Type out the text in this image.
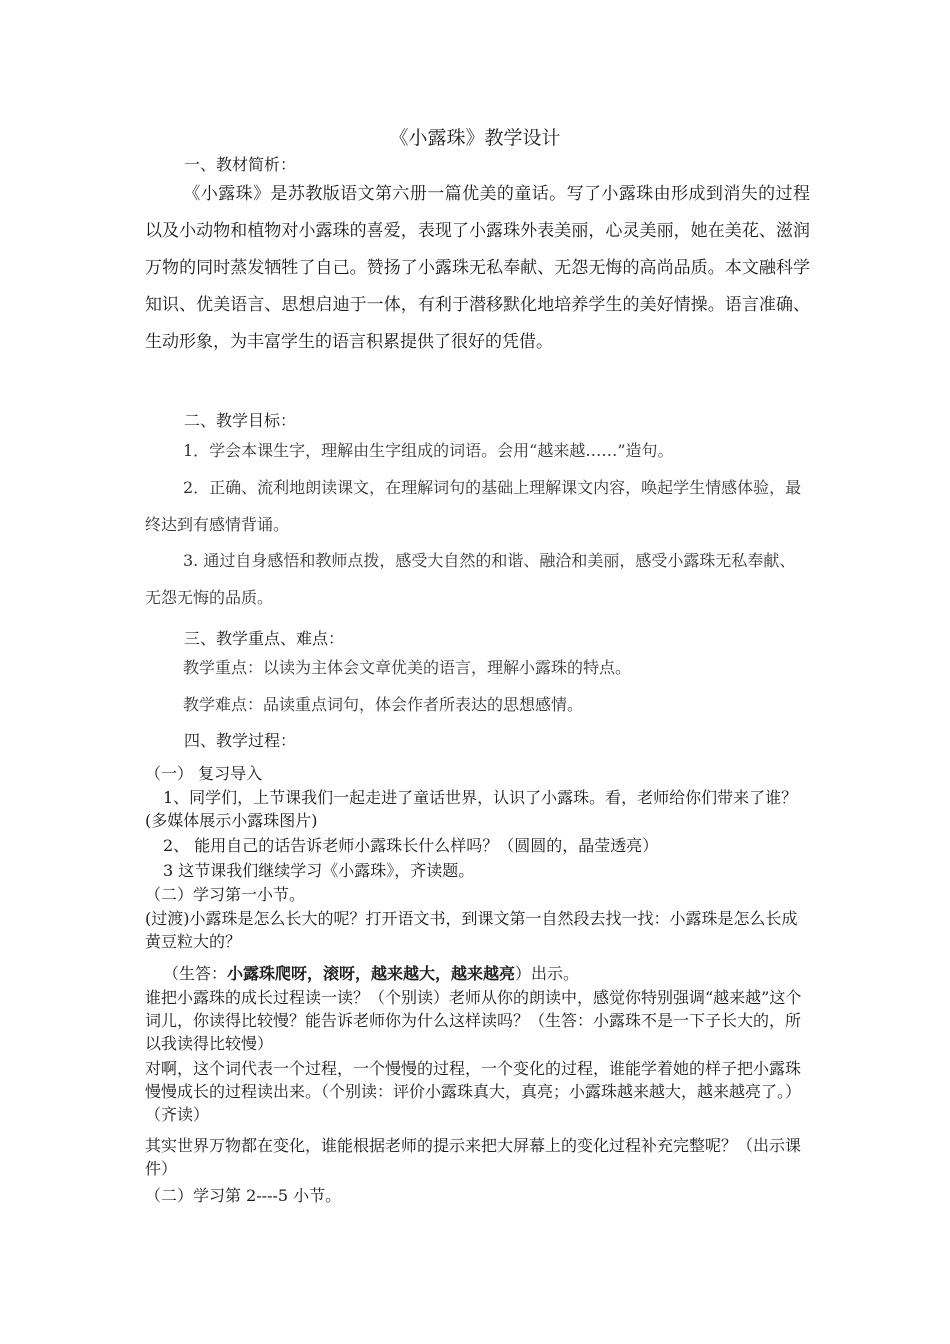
《小露珠》教学设计
一、教材简析：
《小露珠》是苏教版语文第六册一篇优美的童话。写了小露珠由形成到消失的过程以及小动物和植物对小露珠的喜爱，表现了小露珠外表美丽，心灵美丽，她在美花、滋润万物的同时蒸发牺牲了自己。赞扬了小露珠无私奉献、无怨无悔的高尚品质。本文融科学知识、优美语言、思想启迪于一体，有利于潜移默化地培养学生的美好情操。语言准确、生动形象，为丰富学生的语言积累提供了很好的凭借。
二、教学目标：
1．学会本课生字，理解由生字组成的词语。会用“越来越……”造句。
2．正确、流利地朗读课文，在理解词句的基础上理解课文内容，唤起学生情感体验，最终达到有感情背诵。
3. 通过自身感悟和教师点拨，感受大自然的和谐、融洽和美丽，感受小露珠无私奉献、无怨无悔的品质。
三、教学重点、难点：
教学重点：以读为主体会文章优美的语言，理解小露珠的特点。
教学难点：品读重点词句，体会作者所表达的思想感情。
四、教学过程：
（一） 复习导入
1、同学们，上节课我们一起走进了童话世界，认识了小露珠。看，老师给你们带来了谁？(多媒体展示小露珠图片)
2、 能用自己的话告诉老师小露珠长什么样吗？（圆圆的，晶莹透亮）
3 这节课我们继续学习《小露珠》，齐读题。
（二）学习第一小节。
(过渡)小露珠是怎么长大的呢？打开语文书，到课文第一自然段去找一找：小露珠是怎么长成黄豆粒大的？
（生答：小露珠爬呀，滚呀，越来越大，越来越亮）出示。
谁把小露珠的成长过程读一读？（个别读）老师从你的朗读中，感觉你特别强调“越来越”这个词儿，你读得比较慢？能告诉老师你为什么这样读吗？（生答：小露珠不是一下子长大的，所以我读得比较慢）
对啊，这个词代表一个过程，一个慢慢的过程，一个变化的过程，谁能学着她的样子把小露珠慢慢成长的过程读出来。（个别读：评价小露珠真大，真亮；小露珠越来越大，越来越亮了。）（齐读）
其实世界万物都在变化，谁能根据老师的提示来把大屏幕上的变化过程补充完整呢？（出示课件）
（二）学习第 2----5 小节。
